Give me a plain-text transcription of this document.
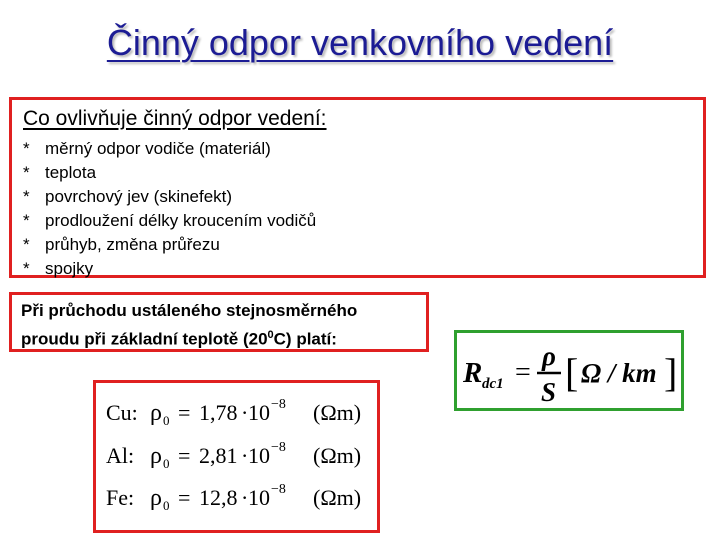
Činný odpor venkovního vedení
Co ovlivňuje činný odpor vedení:
* měrný odpor vodiče (materiál)
* teplota
* povrchový jev (skinefekt)
* prodloužení délky kroucením vodičů
* průhyb, změna průřezu
* spojky
Při průchodu ustáleného stejnosměrného
proudu při základní teplotě $(20^0C)$ platí:
R dc1
ρ
S
= [ Ω / km ]
Cu: ρ 0 = 1,78 · 10 −8 (Ωm)
Al: ρ 0 = 2,81 · 10 −8 (Ωm)
Fe: ρ 0 = 12,8 · 10 −8 (Ωm)
